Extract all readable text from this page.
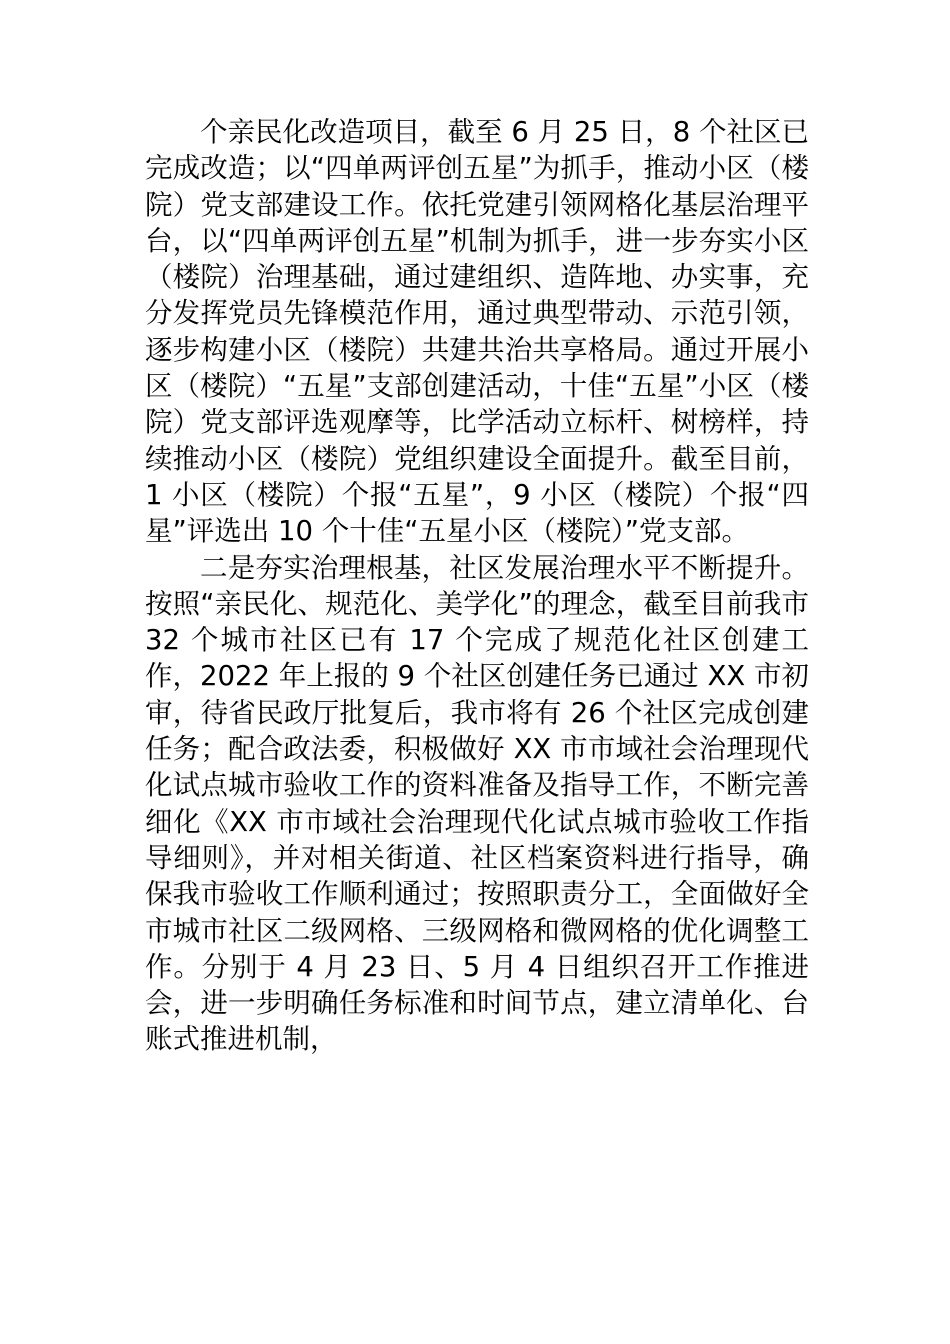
个亲民化改造项目，截至 6 月 25 日，8 个社区已完成改造；以“四单两评创五星”为抓手，推动小区（楼院）党支部建设工作。依托党建引领网格化基层治理平台，以“四单两评创五星”机制为抓手，进一步夯实小区（楼院）治理基础，通过建组织、造阵地、办实事，充分发挥党员先锋模范作用，通过典型带动、示范引领，逐步构建小区（楼院）共建共治共享格局。通过开展小区（楼院）“五星”支部创建活动，十佳“五星”小区（楼院）党支部评选观摩等，比学活动立标杆、树榜样，持续推动小区（楼院）党组织建设全面提升。截至目前，1 小区（楼院）个报“五星”，9 小区（楼院）个报“四星”评选出 10 个十佳“五星小区（楼院）”党支部。

二是夯实治理根基，社区发展治理水平不断提升。按照“亲民化、规范化、美学化”的理念，截至目前我市 32 个城市社区已有 17 个完成了规范化社区创建工作，2022 年上报的 9 个社区创建任务已通过 XX 市初审，待省民政厅批复后，我市将有 26 个社区完成创建任务；配合政法委，积极做好 XX 市市域社会治理现代化试点城市验收工作的资料准备及指导工作，不断完善细化《XX 市市域社会治理现代化试点城市验收工作指导细则》，并对相关街道、社区档案资料进行指导，确保我市验收工作顺利通过；按照职责分工，全面做好全市城市社区二级网格、三级网格和微网格的优化调整工作。分别于 4 月 23 日、5 月 4 日组织召开工作推进会，进一步明确任务标准和时间节点，建立清单化、台账式推进机制，
